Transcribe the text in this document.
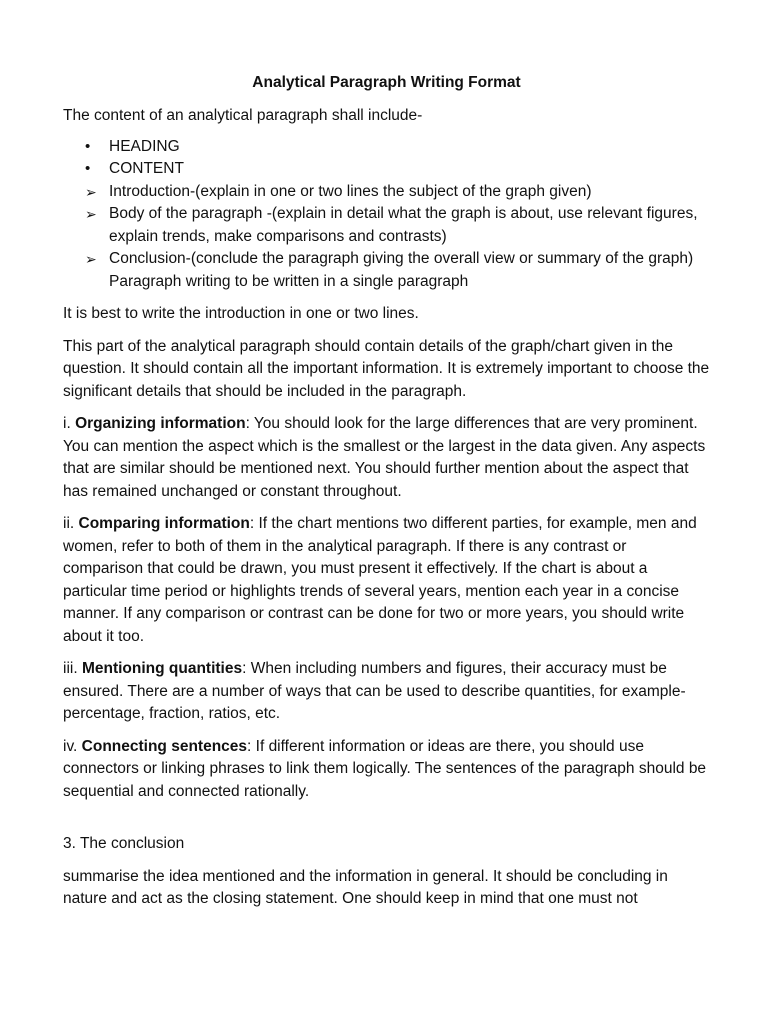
Analytical Paragraph Writing Format

The content of an analytical paragraph shall include-

•	HEADING
•	CONTENT
➢ Introduction-(explain in one or two lines the subject of the graph given)
➢ Body of the paragraph -(explain in detail what the graph is about, use relevant figures, explain trends, make comparisons and contrasts)
➢ Conclusion-(conclude the paragraph giving the overall view or summary of the graph)
Paragraph writing to be written in a single paragraph

It is best to write the introduction in one or two lines.

This part of the analytical paragraph should contain details of the graph/chart given in the question. It should contain all the important information. It is extremely important to choose the significant details that should be included in the paragraph.

i. Organizing information: You should look for the large differences that are very prominent. You can mention the aspect which is the smallest or the largest in the data given. Any aspects that are similar should be mentioned next. You should further mention about the aspect that has remained unchanged or constant throughout.

ii. Comparing information: If the chart mentions two different parties, for example, men and women, refer to both of them in the analytical paragraph. If there is any contrast or comparison that could be drawn, you must present it effectively. If the chart is about a particular time period or highlights trends of several years, mention each year in a concise manner. If any comparison or contrast can be done for two or more years, you should write about it too.

iii. Mentioning quantities: When including numbers and figures, their accuracy must be ensured. There are a number of ways that can be used to describe quantities, for example- percentage, fraction, ratios, etc.

iv. Connecting sentences: If different information or ideas are there, you should use connectors or linking phrases to link them logically. The sentences of the paragraph should be sequential and connected rationally.

3. The conclusion

summarise the idea mentioned and the information in general. It should be concluding in nature and act as the closing statement. One should keep in mind that one must not
